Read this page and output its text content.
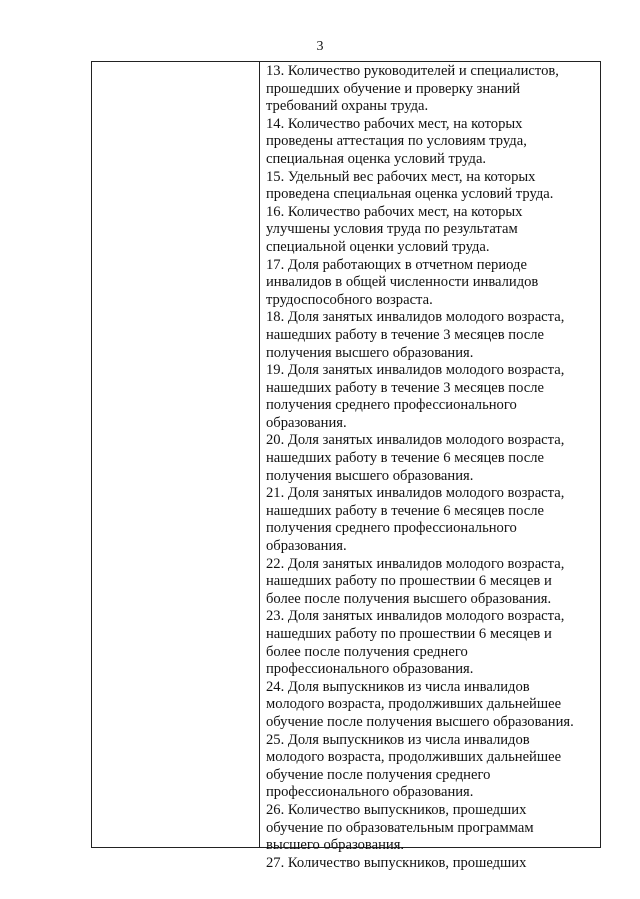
3
13. Количество руководителей и специалистов,
прошедших обучение и проверку знаний
требований охраны труда.
14. Количество рабочих мест, на которых
проведены аттестация по условиям труда,
специальная оценка условий труда.
15. Удельный вес рабочих мест, на которых
проведена специальная оценка условий труда.
16. Количество рабочих мест, на которых
улучшены условия труда по результатам
специальной оценки условий труда.
17. Доля работающих в отчетном периоде
инвалидов в общей численности инвалидов
трудоспособного возраста.
18. Доля занятых инвалидов молодого возраста,
нашедших работу в течение 3 месяцев после
получения высшего образования.
19. Доля занятых инвалидов молодого возраста,
нашедших работу в течение 3 месяцев после
получения среднего профессионального
образования.
20. Доля занятых инвалидов молодого возраста,
нашедших работу в течение 6 месяцев после
получения высшего образования.
21. Доля занятых инвалидов молодого возраста,
нашедших работу в течение 6 месяцев после
получения среднего профессионального
образования.
22. Доля занятых инвалидов молодого возраста,
нашедших работу по прошествии 6 месяцев и
более после получения высшего образования.
23. Доля занятых инвалидов молодого возраста,
нашедших работу по прошествии 6 месяцев и
более после получения среднего
профессионального образования.
24. Доля выпускников из числа инвалидов
молодого возраста, продолживших дальнейшее
обучение после получения высшего образования.
25. Доля выпускников из числа инвалидов
молодого возраста, продолживших дальнейшее
обучение после получения среднего
профессионального образования.
26. Количество выпускников, прошедших
обучение по образовательным программам
высшего образования.
27. Количество выпускников, прошедших
